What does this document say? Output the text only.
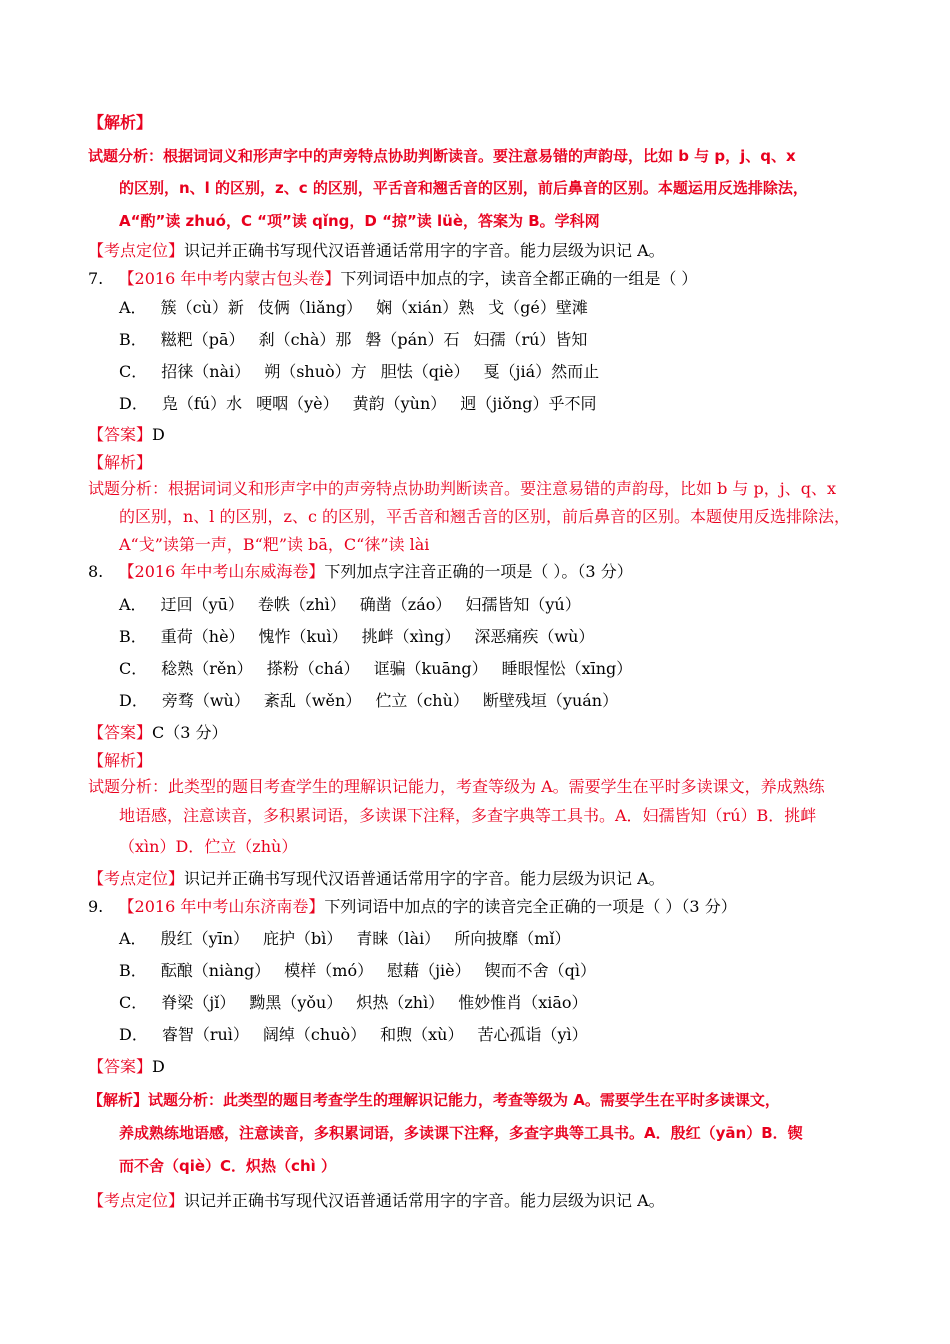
【解析】
试题分析：根据词词义和形声字中的声旁特点协助判断读音。要注意易错的声韵母，比如 b 与 p，j、q、x
的区别，n、l 的区别，z、c 的区别，平舌音和翘舌音的区别，前后鼻音的区别。本题运用反选排除法，
A“酌”读 zhuó，C “项”读 qǐng，D “掠”读 lüè，答案为 B。学科网
【考点定位】识记并正确书写现代汉语普通话常用字的字音。能力层级为识记 A。
7. 【2016 年中考内蒙古包头卷】下列词语中加点的字，读音全都正确的一组是（ ）
A． 簇（cù）新 伎俩（liǎng） 娴（xián）熟 戈（gé）壁滩
B． 糍粑（pā） 刹（chà）那 磐（pán）石 妇孺（rú）皆知
C． 招徕（nài） 朔（shuò）方 胆怯（qiè） 戛（jiá）然而止
D． 凫（fú）水 哽咽（yè） 黄韵（yùn） 迥（jiǒng）乎不同
【答案】D
【解析】
试题分析：根据词词义和形声字中的声旁特点协助判断读音。要注意易错的声韵母，比如 b 与 p，j、q、x
的区别，n、l 的区别，z、c 的区别，平舌音和翘舌音的区别，前后鼻音的区别。本题使用反选排除法，
A“戈”读第一声，B“粑”读 bā，C“徕”读 lài
8. 【2016 年中考山东威海卷】下列加点字注音正确的一项是（ ）。（3 分）
A． 迂回（yū） 卷帙（zhì） 确凿（záo） 妇孺皆知（yú）
B． 重荷（hè） 愧怍（kuì） 挑衅（xìng） 深恶痛疾（wù）
C． 稔熟（rěn） 搽粉（chá） 诓骗（kuāng） 睡眼惺忪（xīng）
D． 旁骛（wù） 紊乱（wěn） 伫立（chù） 断壁残垣（yuán）
【答案】C（3 分）
【解析】
试题分析：此类型的题目考查学生的理解识记能力，考查等级为 A。需要学生在平时多读课文，养成熟练
地语感，注意读音，多积累词语，多读课下注释，多查字典等工具书。A．妇孺皆知（rú）B．挑衅
（xìn）D．伫立（zhù）
【考点定位】识记并正确书写现代汉语普通话常用字的字音。能力层级为识记 A。
9. 【2016 年中考山东济南卷】下列词语中加点的字的读音完全正确的一项是（ ）（3 分）
A． 殷红（yīn） 庇护（bì） 青睐（lài） 所向披靡（mǐ）
B． 酝酿（niàng） 模样（mó） 慰藉（jiè） 锲而不舍（qì）
C． 脊梁（jǐ） 黝黑（yǒu） 炽热（zhì） 惟妙惟肖（xiāo）
D． 睿智（ruì） 阔绰（chuò） 和煦（xù） 苦心孤诣（yì）
【答案】D
【解析】试题分析：此类型的题目考查学生的理解识记能力，考查等级为 A。需要学生在平时多读课文，
养成熟练地语感，注意读音，多积累词语，多读课下注释，多查字典等工具书。A．殷红（yān）B．锲
而不舍（qiè）C．炽热（chì ）
【考点定位】识记并正确书写现代汉语普通话常用字的字音。能力层级为识记 A。
